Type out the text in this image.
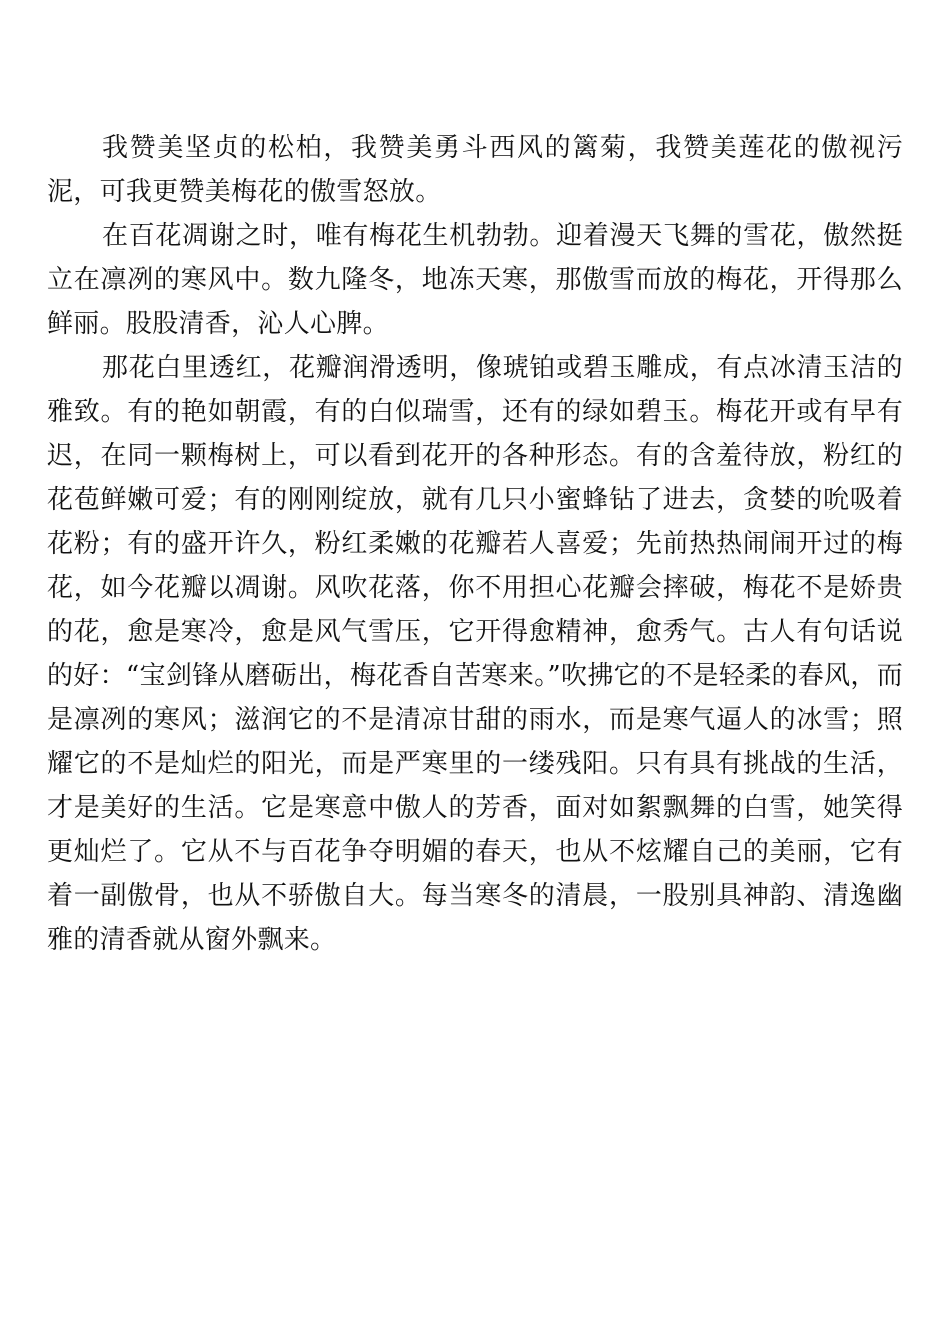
我赞美坚贞的松柏，我赞美勇斗西风的篱菊，我赞美莲花的傲视污泥，可我更赞美梅花的傲雪怒放。

在百花凋谢之时，唯有梅花生机勃勃。迎着漫天飞舞的雪花，傲然挺立在凛冽的寒风中。数九隆冬，地冻天寒，那傲雪而放的梅花，开得那么鲜丽。股股清香，沁人心脾。

那花白里透红，花瓣润滑透明，像琥铂或碧玉雕成，有点冰清玉洁的雅致。有的艳如朝霞，有的白似瑞雪，还有的绿如碧玉。梅花开或有早有迟，在同一颗梅树上，可以看到花开的各种形态。有的含羞待放，粉红的花苞鲜嫩可爱；有的刚刚绽放，就有几只小蜜蜂钻了进去，贪婪的吮吸着花粉；有的盛开许久，粉红柔嫩的花瓣若人喜爱；先前热热闹闹开过的梅花，如今花瓣以凋谢。风吹花落，你不用担心花瓣会摔破，梅花不是娇贵的花，愈是寒冷，愈是风气雪压，它开得愈精神，愈秀气。古人有句话说的好：“宝剑锋从磨砺出，梅花香自苦寒来。”吹拂它的不是轻柔的春风，而是凛冽的寒风；滋润它的不是清凉甘甜的雨水，而是寒气逼人的冰雪；照耀它的不是灿烂的阳光，而是严寒里的一缕残阳。只有具有挑战的生活，才是美好的生活。它是寒意中傲人的芳香，面对如絮飘舞的白雪，她笑得更灿烂了。它从不与百花争夺明媚的春天，也从不炫耀自己的美丽，它有着一副傲骨，也从不骄傲自大。每当寒冬的清晨，一股别具神韵、清逸幽雅的清香就从窗外飘来。
